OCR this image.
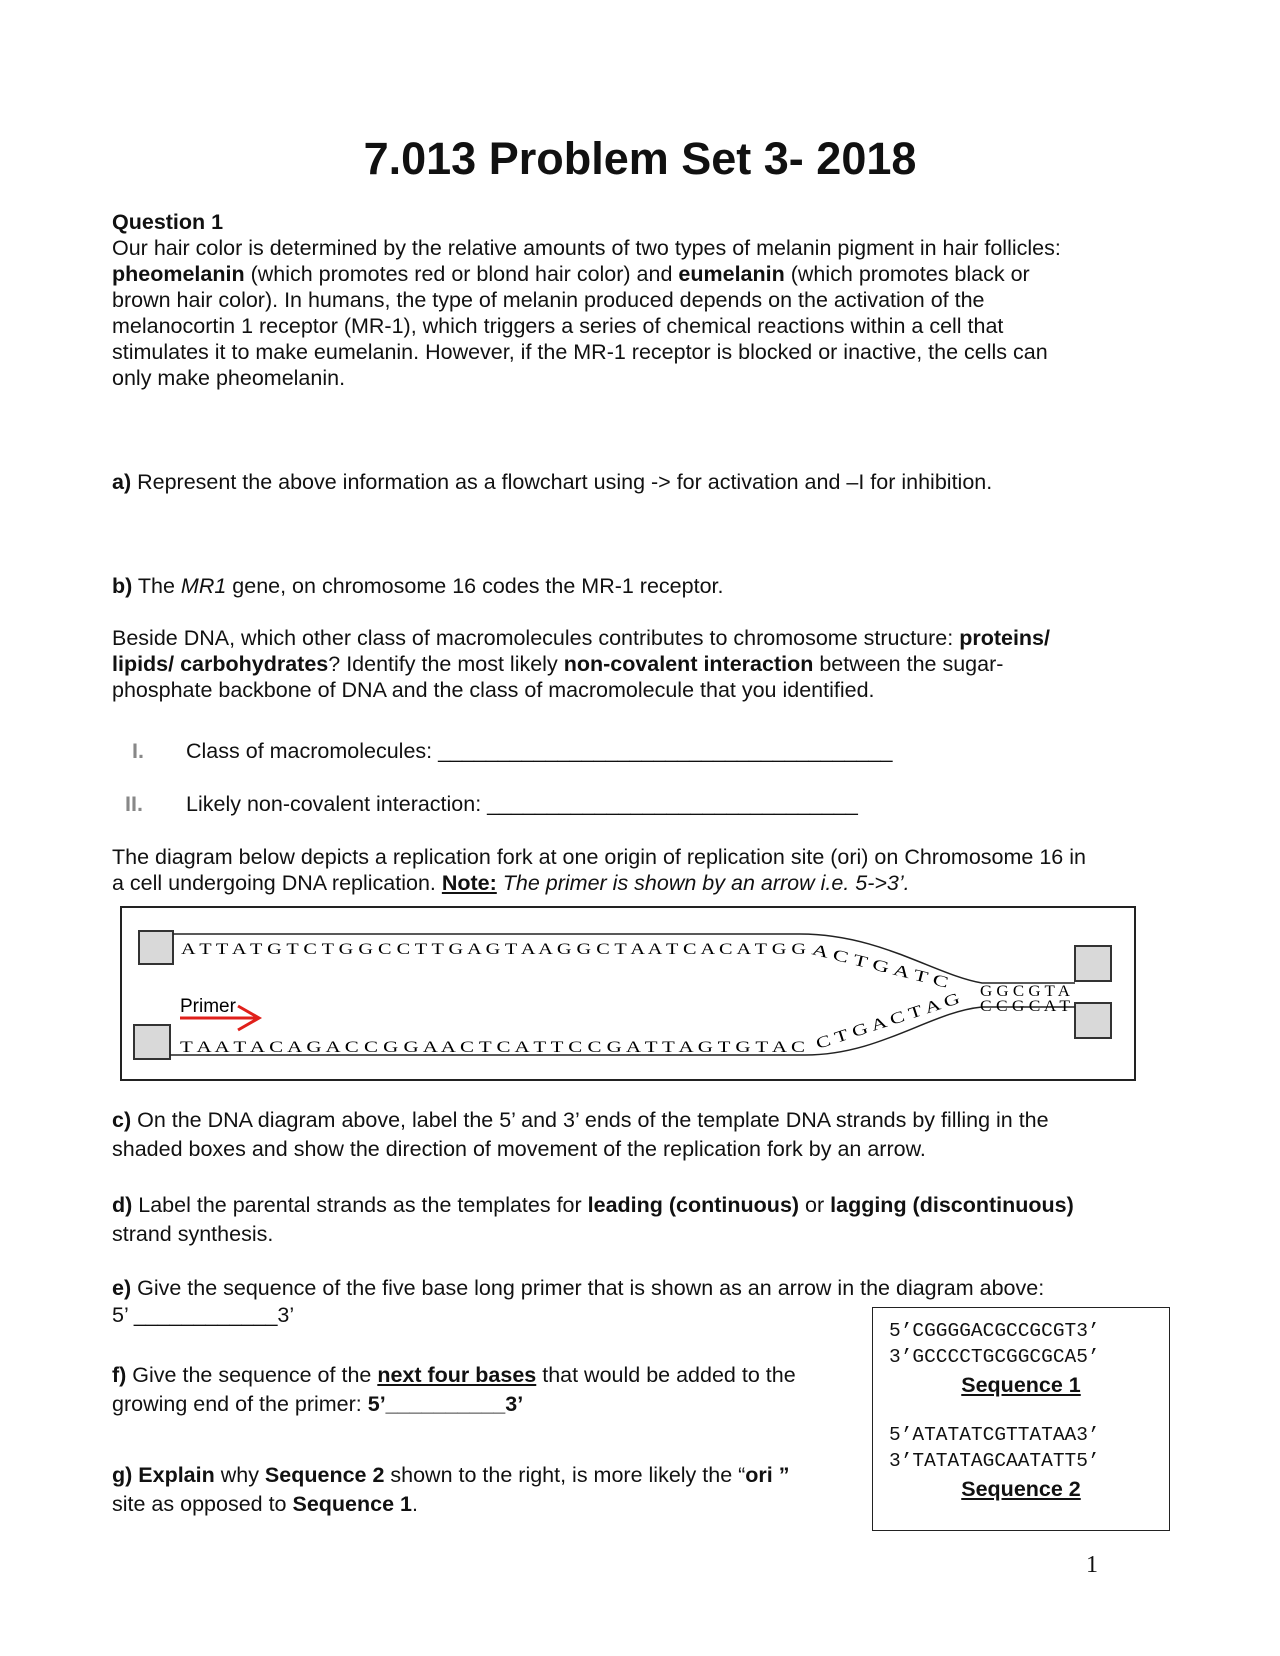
7.013 Problem Set 3- 2018
Question 1
Our hair color is determined by the relative amounts of two types of melanin pigment in hair follicles:
pheomelanin (which promotes red or blond hair color) and eumelanin (which promotes black or
brown hair color). In humans, the type of melanin produced depends on the activation of the
melanocortin 1 receptor (MR-1), which triggers a series of chemical reactions within a cell that
stimulates it to make eumelanin. However, if the MR-1 receptor is blocked or inactive, the cells can
only make pheomelanin.
a) Represent the above information as a flowchart using -> for activation and –I for inhibition.
b) The MR1 gene, on chromosome 16 codes the MR-1 receptor.
Beside DNA, which other class of macromolecules contributes to chromosome structure: proteins/
lipids/ carbohydrates? Identify the most likely non-covalent interaction between the sugar-
phosphate backbone of DNA and the class of macromolecule that you identified.
I. Class of macromolecules: ______________________________________
II. Likely non-covalent interaction: _______________________________
The diagram below depicts a replication fork at one origin of replication site (ori) on Chromosome 16 in
a cell undergoing DNA replication. Note: The primer is shown by an arrow i.e. 5->3’.
A T T A T G T C T G G C C T T G A G T A A G G C T A A T C A C A T G G A C T G A T C
G G C G T A
T A A T A C A G A C C G G A A C T C A T T C C G A T T A G T G T A C C T G A C T A G	C C G C A T
Primer
c) On the DNA diagram above, label the 5’ and 3’ ends of the template DNA strands by filling in the
shaded boxes and show the direction of movement of the replication fork by an arrow.
d) Label the parental strands as the templates for leading (continuous) or lagging (discontinuous)
strand synthesis.
e) Give the sequence of the five base long primer that is shown as an arrow in the diagram above:
5’ ____________3’
f) Give the sequence of the next four bases that would be added to the
growing end of the primer: 5’__________3’
g) Explain why Sequence 2 shown to the right, is more likely the “ori ”
site as opposed to Sequence 1.
5’CGGGGACGCCGCGT3’
3’GCCCCTGCGGCGCA5’
Sequence 1
5’ATATATCGTTATAA3’
3’TATATAGCAATATT5’
Sequence 2
1
